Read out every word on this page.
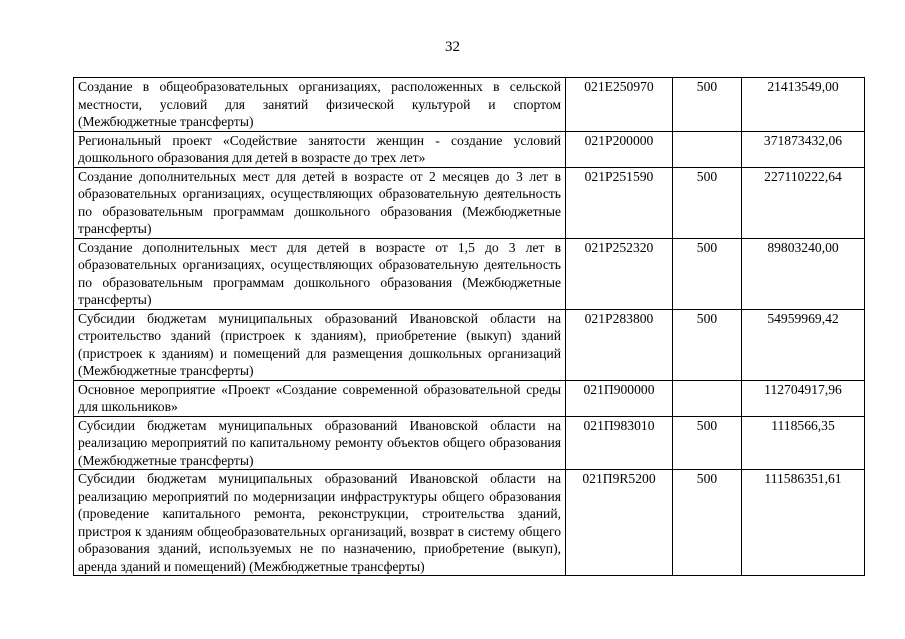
32
Создание в общеобразовательных организациях, расположенных в сельской местности, условий для занятий физической культурой и спортом (Межбюджетные трансферты)	021E250970	500	21413549,00
Региональный проект «Содействие занятости женщин - создание условий дошкольного образования для детей в возрасте до трех лет»	021P200000		371873432,06
Создание дополнительных мест для детей в возрасте от 2 месяцев до 3 лет в образовательных организациях, осуществляющих образовательную деятельность по образовательным программам дошкольного образования (Межбюджетные трансферты)	021P251590	500	227110222,64
Создание дополнительных мест для детей в возрасте от 1,5 до 3 лет в образовательных организациях, осуществляющих образовательную деятельность по образовательным программам дошкольного образования (Межбюджетные трансферты)	021P252320	500	89803240,00
Субсидии бюджетам муниципальных образований Ивановской области на строительство зданий (пристроек к зданиям), приобретение (выкуп) зданий (пристроек к зданиям) и помещений для размещения дошкольных организаций (Межбюджетные трансферты)	021P283800	500	54959969,42
Основное мероприятие «Проект «Создание современной образовательной среды для школьников»	021П900000		112704917,96
Субсидии бюджетам муниципальных образований Ивановской области на реализацию мероприятий по капитальному ремонту объектов общего образования (Межбюджетные трансферты)	021П983010	500	1118566,35
Субсидии бюджетам муниципальных образований Ивановской области на реализацию мероприятий по модернизации инфраструктуры общего образования (проведение капитального ремонта, реконструкции, строительства зданий, пристроя к зданиям общеобразовательных организаций, возврат в систему общего образования зданий, используемых не по назначению, приобретение (выкуп), аренда зданий и помещений) (Межбюджетные трансферты)	021П9R5200	500	111586351,61
